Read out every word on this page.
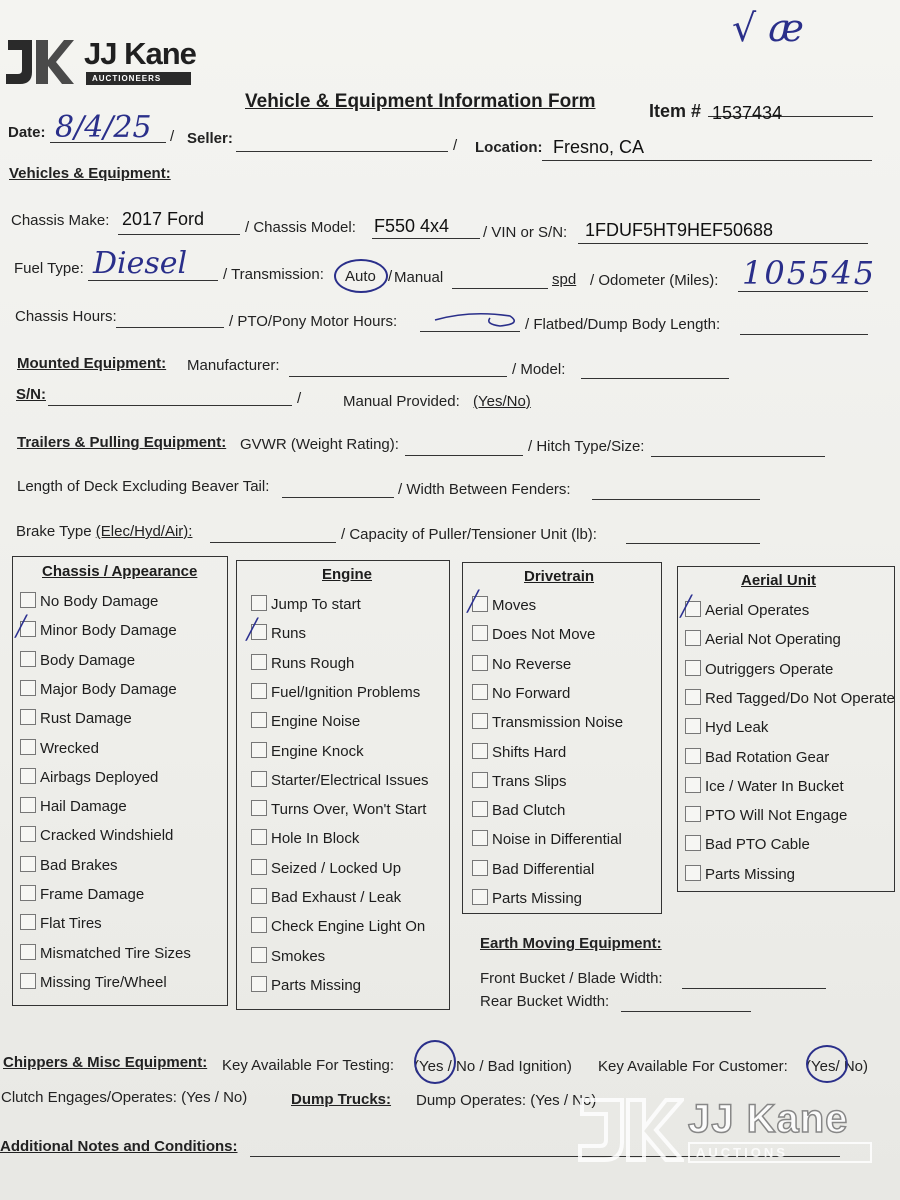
JJ Kane
AUCTIONEERS
√ æ
Vehicle & Equipment Information Form	Item # 1537434
Date: 8/4/25 / Seller:	/ Location: Fresno, CA
Vehicles & Equipment:
Chassis Make: 2017 Ford	/ Chassis Model: F550 4x4 / VIN or S/N: 1FDUF5HT9HEF50688
Fuel Type: Diesel / Transmission: Auto / Manual	spd / Odometer (Miles): 105545
Chassis Hours:	/ PTO/Pony Motor Hours:	/ Flatbed/Dump Body Length:
Mounted Equipment: Manufacturer:	/ Model:
S/N:	/	Manual Provided: (Yes/No)
Trailers & Pulling Equipment: GVWR (Weight Rating):	/ Hitch Type/Size:
Length of Deck Excluding Beaver Tail:	/ Width Between Fenders:
Brake Type (Elec/Hyd/Air):	/ Capacity of Puller/Tensioner Unit (lb):
Chassis / Appearance
No Body Damage
╱ Minor Body Damage
Body Damage
Major Body Damage
Rust Damage
Wrecked
Airbags Deployed
Hail Damage
Cracked Windshield
Bad Brakes
Frame Damage
Flat Tires
Mismatched Tire Sizes
Missing Tire/Wheel
Engine
Jump To start
╱ Runs
Runs Rough
Fuel/Ignition Problems
Engine Noise
Engine Knock
Starter/Electrical Issues
Turns Over, Won't Start
Hole In Block
Seized / Locked Up
Bad Exhaust / Leak
Check Engine Light On
Smokes
Parts Missing
Drivetrain
╱ Moves
Does Not Move
No Reverse
No Forward
Transmission Noise
Shifts Hard
Trans Slips
Bad Clutch
Noise in Differential
Bad Differential
Parts Missing
Aerial Unit
╱ Aerial Operates
Aerial Not Operating
Outriggers Operate
Red Tagged/Do Not Operate
Hyd Leak
Bad Rotation Gear
Ice / Water In Bucket
PTO Will Not Engage
Bad PTO Cable
Parts Missing
Earth Moving Equipment:
Front Bucket / Blade Width:
Rear Bucket Width:
Chippers & Misc Equipment: Key Available For Testing: (Yes / No / Bad Ignition) Key Available For Customer: (Yes/ No)
Clutch Engages/Operates: (Yes / No)	Dump Trucks: Dump Operates: (Yes / No)
Additional Notes and Conditions:

JJ Kane
AUCTIONS
